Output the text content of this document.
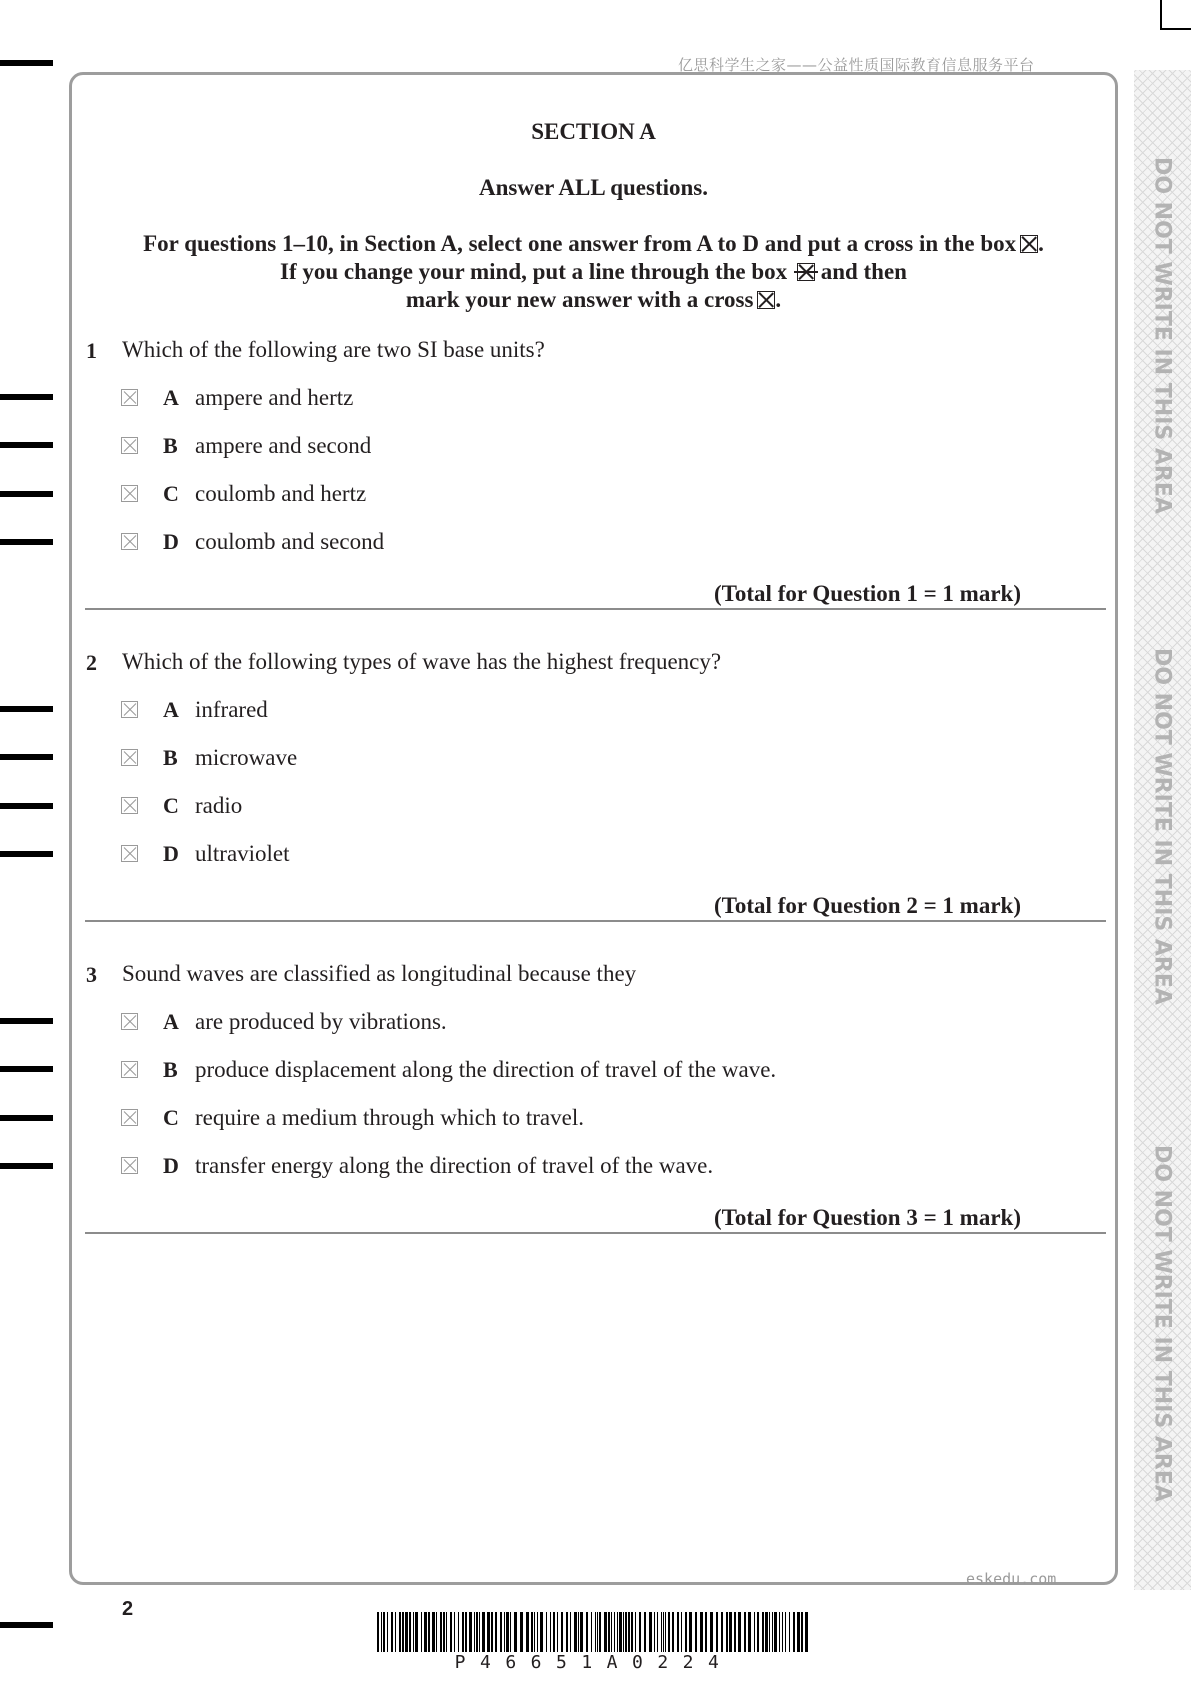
亿思科学生之家——公益性质国际教育信息服务平台
DO NOT WRITE IN THIS AREA
DO NOT WRITE IN THIS AREA
DO NOT WRITE IN THIS AREA
SECTION A
Answer ALL questions.
For questions 1–10, in Section A, select one answer from A to D and put a cross in the box ☒.
If you change your mind, put a line through the box and then
mark your new answer with a cross ☒.
1 Which of the following are two SI base units?
A ampere and hertz
B ampere and second
C coulomb and hertz
D coulomb and second
(Total for Question 1 = 1 mark)
2 Which of the following types of wave has the highest frequency?
A infrared
B microwave
C radio
D ultraviolet
(Total for Question 2 = 1 mark)
3 Sound waves are classified as longitudinal because they
A are produced by vibrations.
B produce displacement along the direction of travel of the wave.
C require a medium through which to travel.
D transfer energy along the direction of travel of the wave.
(Total for Question 3 = 1 mark)
eskedu.com
2
P46651A0224
